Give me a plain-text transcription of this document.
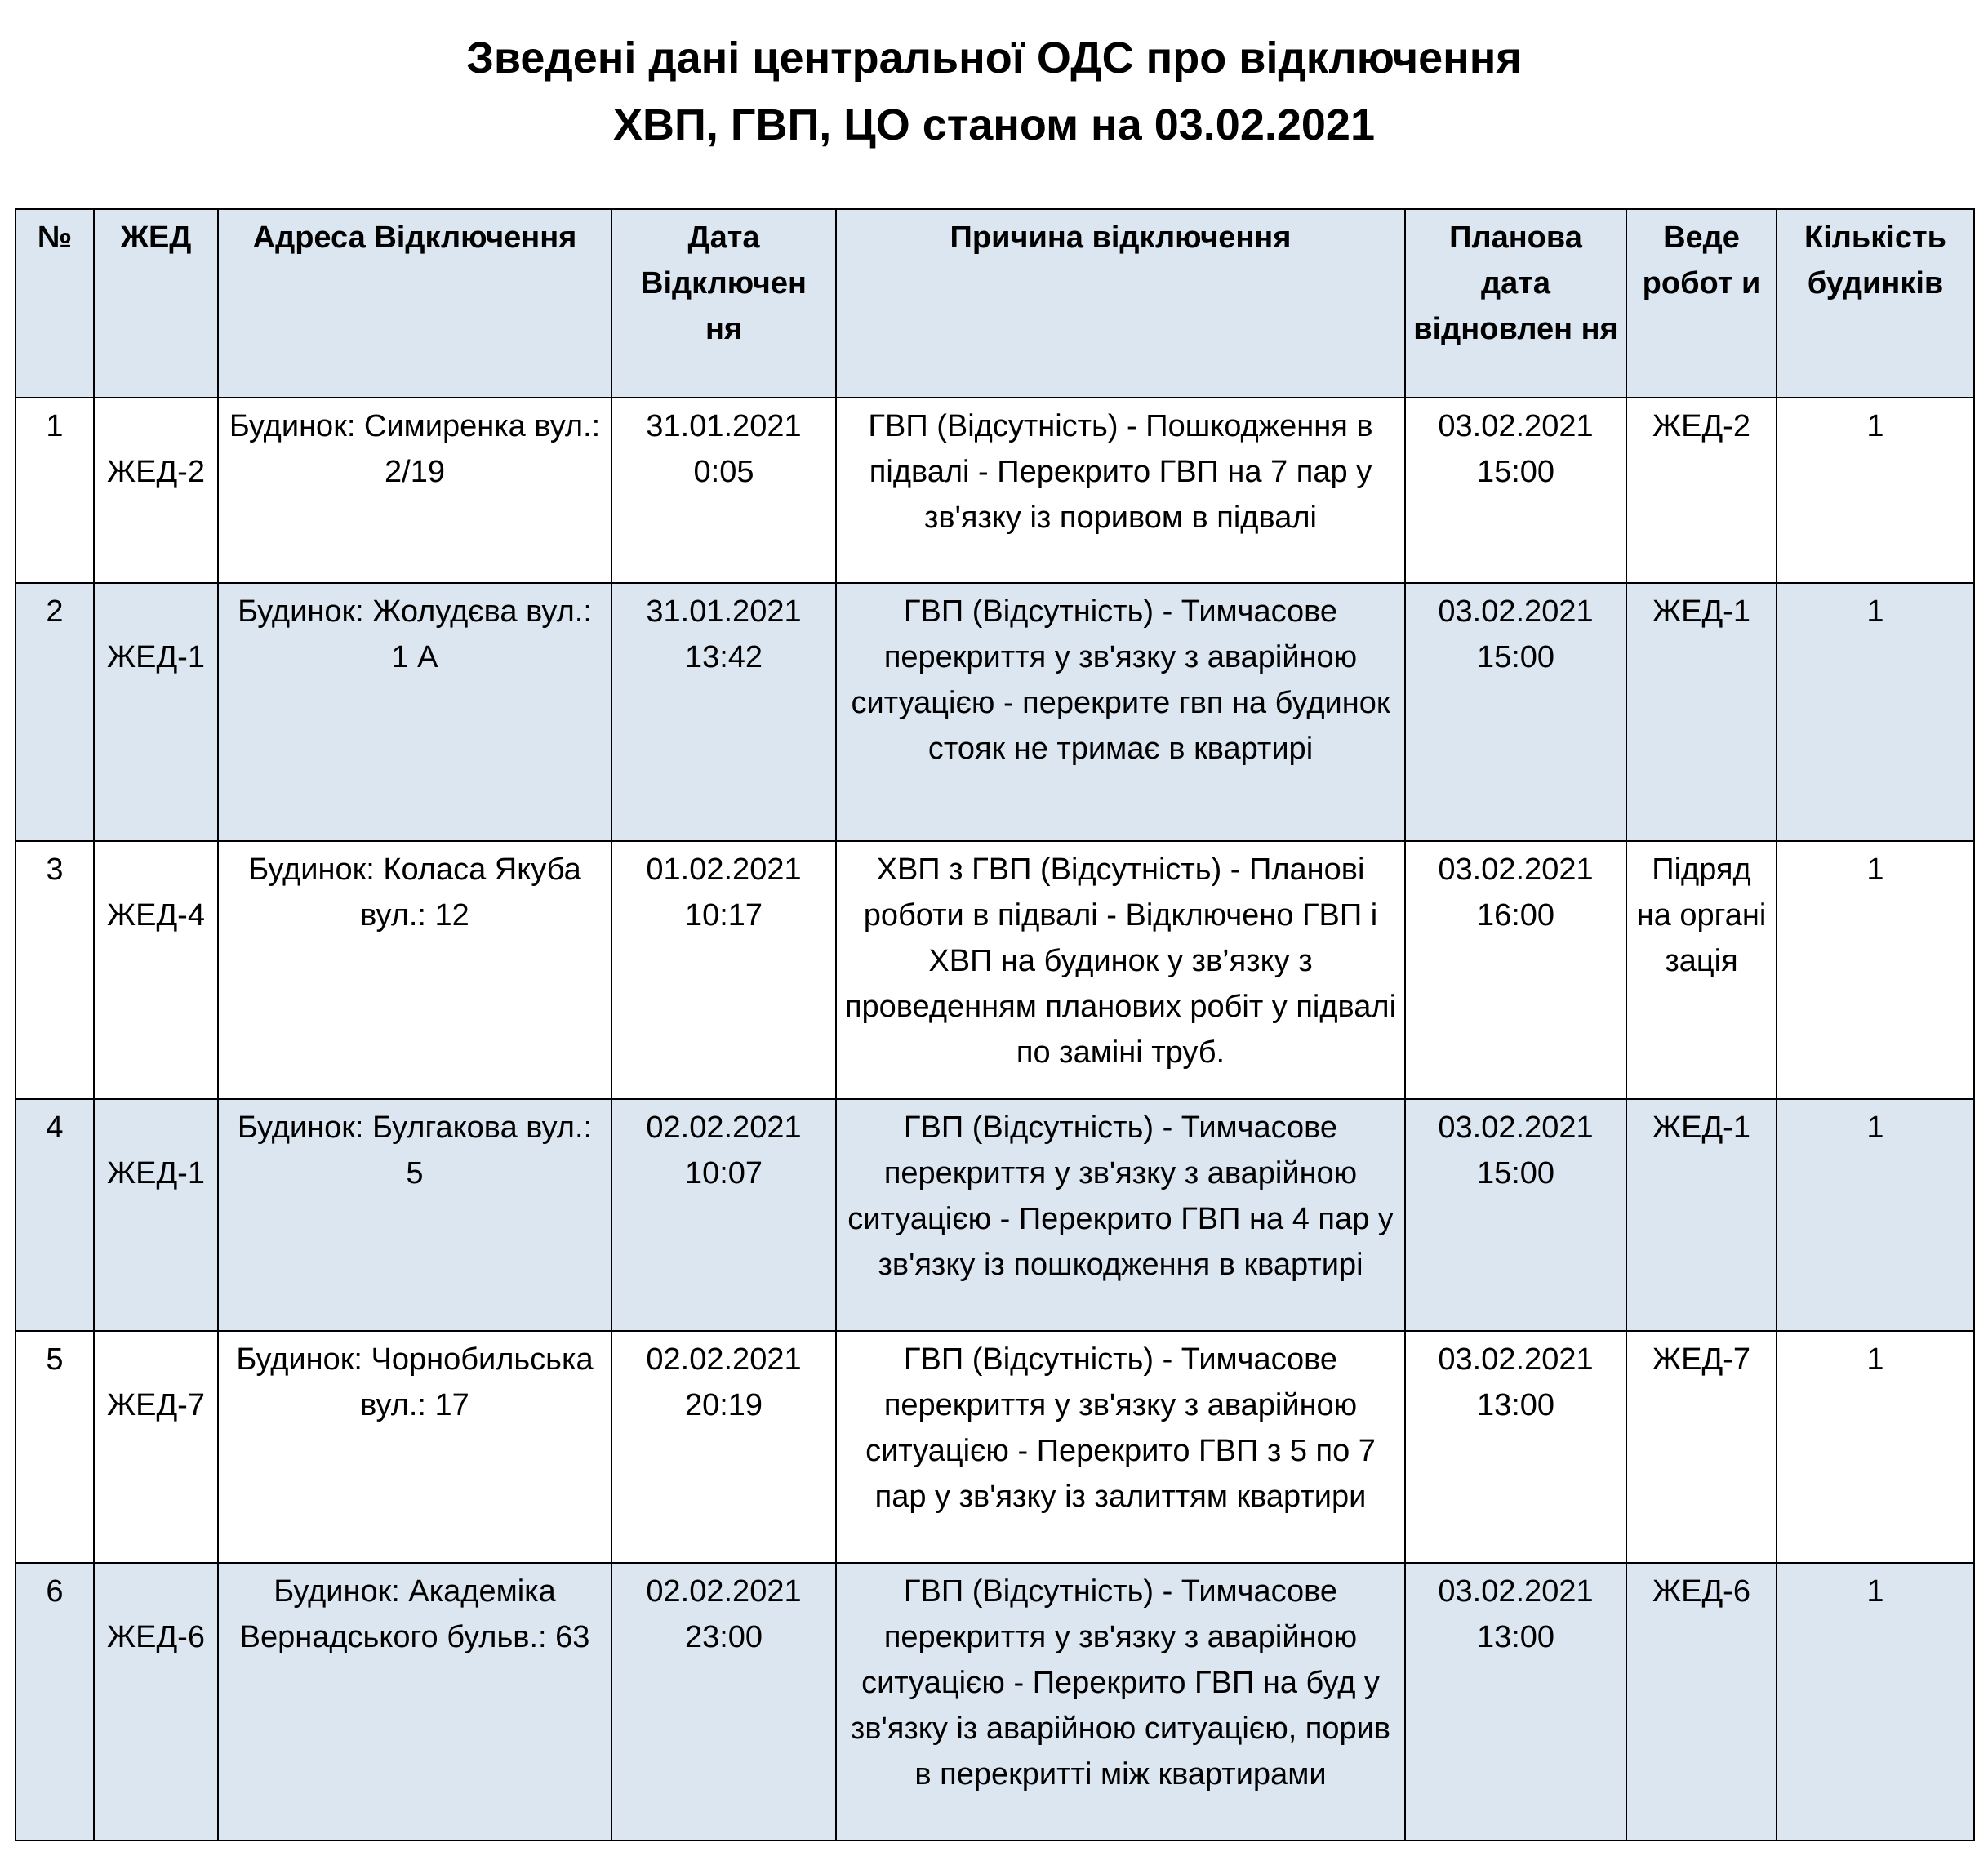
Зведені дані центральної ОДС про відключення
ХВП, ГВП, ЦО станом на 03.02.2021
№	ЖЕД	Адреса Відключення	Дата Відключен ня	Причина відключення	Планова дата відновлен ня	Веде робот и	Кількість будинків
1	ЖЕД-2	Будинок: Симиренка вул.: 2/19	31.01.2021 0:05	ГВП (Відсутність) - Пошкодження в підвалі - Перекрито ГВП на 7 пар у зв'язку із поривом в підвалі	03.02.2021 15:00	ЖЕД-2	1
2	ЖЕД-1	Будинок: Жолудєва вул.: 1 А	31.01.2021 13:42	ГВП (Відсутність) - Тимчасове перекриття у зв'язку з аварійною ситуацією - перекрите гвп на будинок стояк не тримає в квартирі	03.02.2021 15:00	ЖЕД-1	1
3	ЖЕД-4	Будинок: Коласа Якуба вул.: 12	01.02.2021 10:17	ХВП з ГВП (Відсутність) - Планові роботи в підвалі - Відключено ГВП і ХВП на будинок у зв’язку з проведенням планових робіт у підвалі по заміні труб.	03.02.2021 16:00	Підряд на органі зація	1
4	ЖЕД-1	Будинок: Булгакова вул.: 5	02.02.2021 10:07	ГВП (Відсутність) - Тимчасове перекриття у зв'язку з аварійною ситуацією - Перекрито ГВП на 4 пар у зв'язку із пошкодження в квартирі	03.02.2021 15:00	ЖЕД-1	1
5	ЖЕД-7	Будинок: Чорнобильська вул.: 17	02.02.2021 20:19	ГВП (Відсутність) - Тимчасове перекриття у зв'язку з аварійною ситуацією - Перекрито ГВП з 5 по 7 пар у зв'язку із залиттям квартири	03.02.2021 13:00	ЖЕД-7	1
6	ЖЕД-6	Будинок: Академіка Вернадського бульв.: 63	02.02.2021 23:00	ГВП (Відсутність) - Тимчасове перекриття у зв'язку з аварійною ситуацією - Перекрито ГВП на буд у зв'язку із аварійною ситуацією, порив в перекритті між квартирами	03.02.2021 13:00	ЖЕД-6	1
